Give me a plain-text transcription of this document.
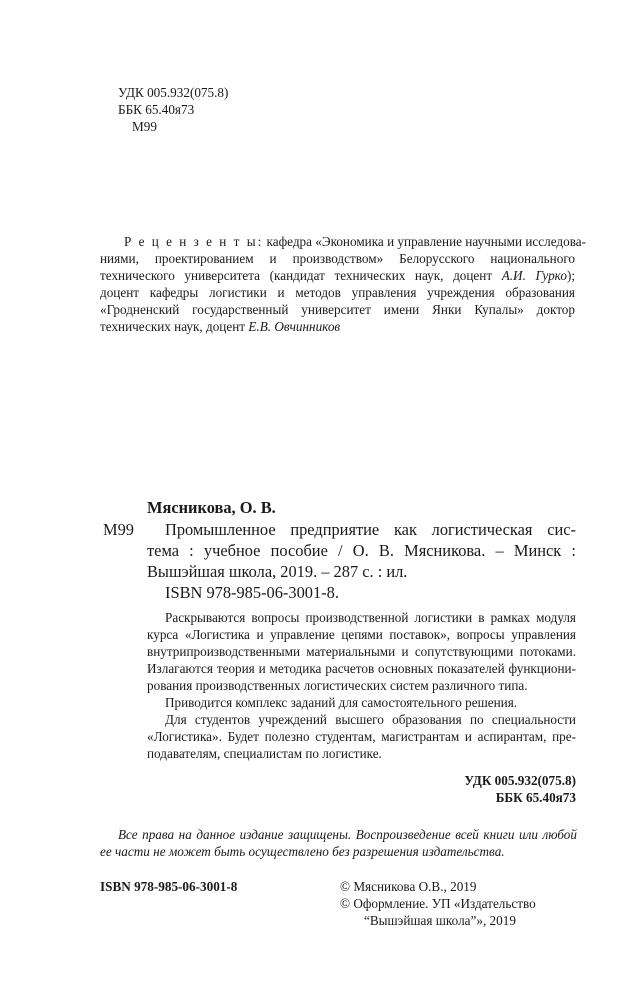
УДК 005.932(075.8)
ББК 65.40я73
М99
Р е ц е н з е н т ы: кафедра «Экономика и управление научными исследова-
ниями, проектированием и производством» Белорусского национального
технического университета (кандидат технических наук, доцент А.И. Гурко);
доцент кафедры логистики и методов управления учреждения образования
«Гродненский государственный университет имени Янки Купалы» доктор
технических наук, доцент Е.В. Овчинников
Мясникова, О. В.
М99 Промышленное предприятие как логистическая сис-
тема : учебное пособие / О. В. Мясникова. – Минск :
Вышэйшая школа, 2019. – 287 с. : ил.
ISBN 978-985-06-3001-8.
Раскрываются вопросы производственной логистики в рамках модуля
курса «Логистика и управление цепями поставок», вопросы управления
внутрипроизводственными материальными и сопутствующими потоками.
Излагаются теория и методика расчетов основных показателей функциони-
рования производственных логистических систем различного типа.
Приводится комплекс заданий для самостоятельного решения.
Для студентов учреждений высшего образования по специальности
«Логистика». Будет полезно студентам, магистрантам и аспирантам, пре-
подавателям, специалистам по логистике.
УДК 005.932(075.8)
ББК 65.40я73
Все права на данное издание защищены. Воспроизведение всей книги или любой
ее части не может быть осуществлено без разрешения издательства.
ISBN 978-985-06-3001-8	© Мясникова О.В., 2019
© Оформление. УП «Издательство
“Вышэйшая школа”», 2019
